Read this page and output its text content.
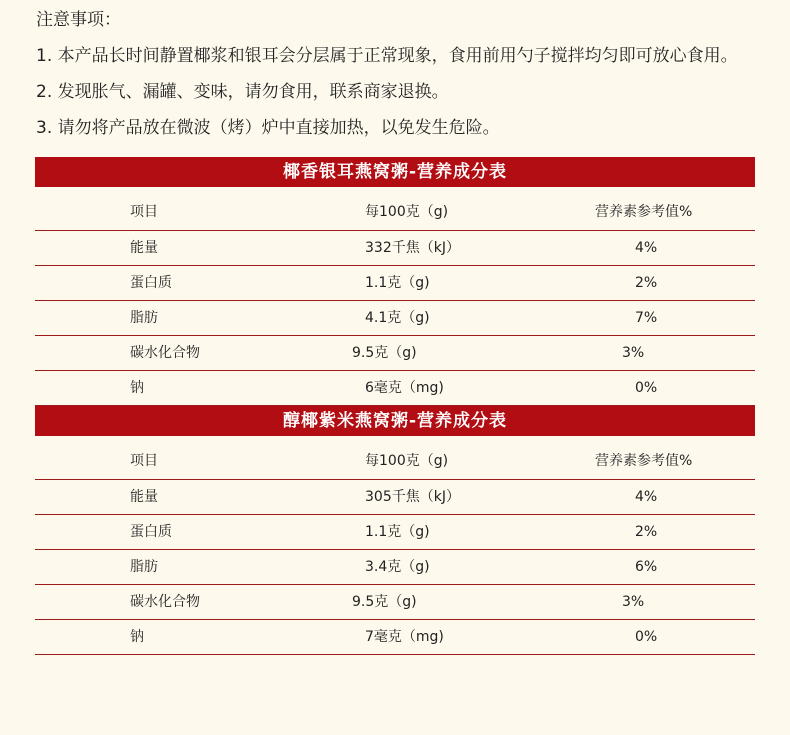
注意事项：
1. 本产品长时间静置椰浆和银耳会分层属于正常现象，食用前用勺子搅拌均匀即可放心食用。
2. 发现胀气、漏罐、变味，请勿食用，联系商家退换。
3. 请勿将产品放在微波（烤）炉中直接加热，以免发生危险。
椰香银耳燕窝粥-营养成分表
项目	每100克（g)	营养素参考值%
能量	332千焦（kJ）	4%
蛋白质	1.1克（g)	2%
脂肪	4.1克（g)	7%
碳水化合物	9.5克（g)	3%
钠	6毫克（mg)	0%
醇椰紫米燕窝粥-营养成分表
项目	每100克（g)	营养素参考值%
能量	305千焦（kJ）	4%
蛋白质	1.1克（g)	2%
脂肪	3.4克（g)	6%
碳水化合物	9.5克（g)	3%
钠	7毫克（mg)	0%
